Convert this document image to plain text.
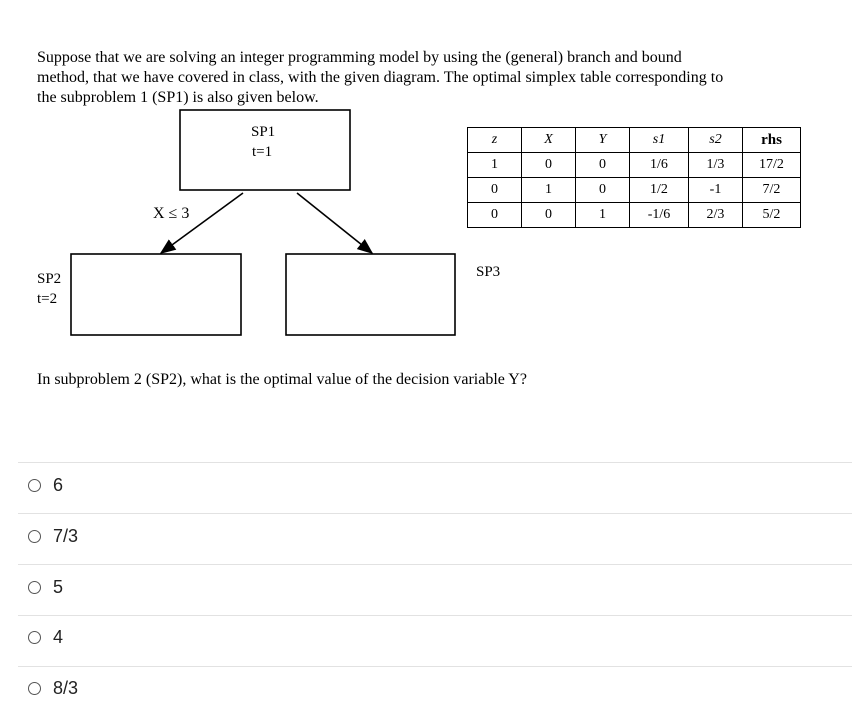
Suppose that we are solving an integer programming model by using the (general) branch and bound
method, that we have covered in class, with the given diagram. The optimal simplex table corresponding to
the subproblem 1 (SP1) is also given below.
SP1
t=1
X ≤ 3
SP2
t=2
SP3
z	X	Y	s1	s2	rhs
1	0	0	1/6	1/3	17/2
0	1	0	1/2	-1	7/2
0	0	1	-1/6	2/3	5/2
In subproblem 2 (SP2), what is the optimal value of the decision variable Y?
6
7/3
5
4
8/3
